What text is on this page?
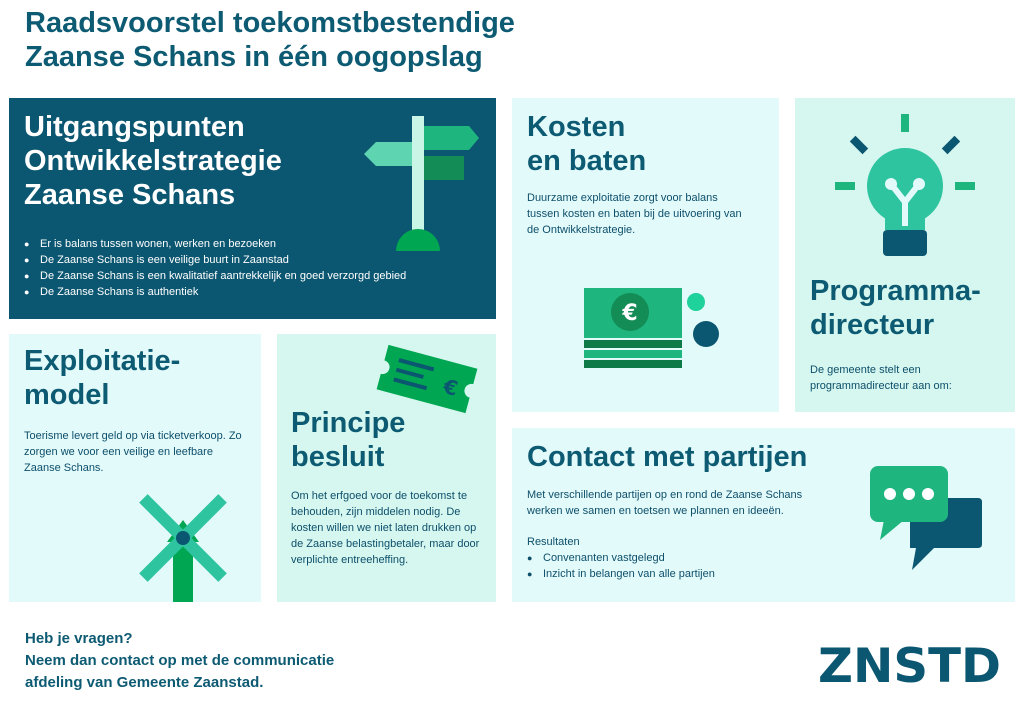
Raadsvoorstel toekomstbestendige
Zaanse Schans in één oogopslag
Uitgangspunten
Ontwikkelstrategie
Zaanse Schans
● Er is balans tussen wonen, werken en bezoeken
● De Zaanse Schans is een veilige buurt in Zaanstad
● De Zaanse Schans is een kwalitatief aantrekkelijk en goed verzorgd gebied
● De Zaanse Schans is authentiek
Kosten
en baten

Duurzame exploitatie zorgt voor balans tussen kosten en baten bij de uitvoering van de Ontwikkelstrategie.

€
Programma-
directeur

De gemeente stelt een programmadirecteur aan om:

Exploitatie-
model

Toerisme levert geld op via ticketverkoop. Zo zorgen we voor een veilige en leefbare Zaanse Schans.

€
Principe
besluit

Om het erfgoed voor de toekomst te behouden, zijn middelen nodig. De kosten willen we niet laten drukken op de Zaanse belastingbetaler, maar door verplichte entreeheffing.

Contact met partijen

Met verschillende partijen op en rond de Zaanse Schans werken we samen en toetsen we plannen en ideeën.

Resultaten

● Convenanten vastgelegd
● Inzicht in belangen van alle partijen
Heb je vragen?
Neem dan contact op met de communicatie
afdeling van Gemeente Zaanstad.	ZNSTD
